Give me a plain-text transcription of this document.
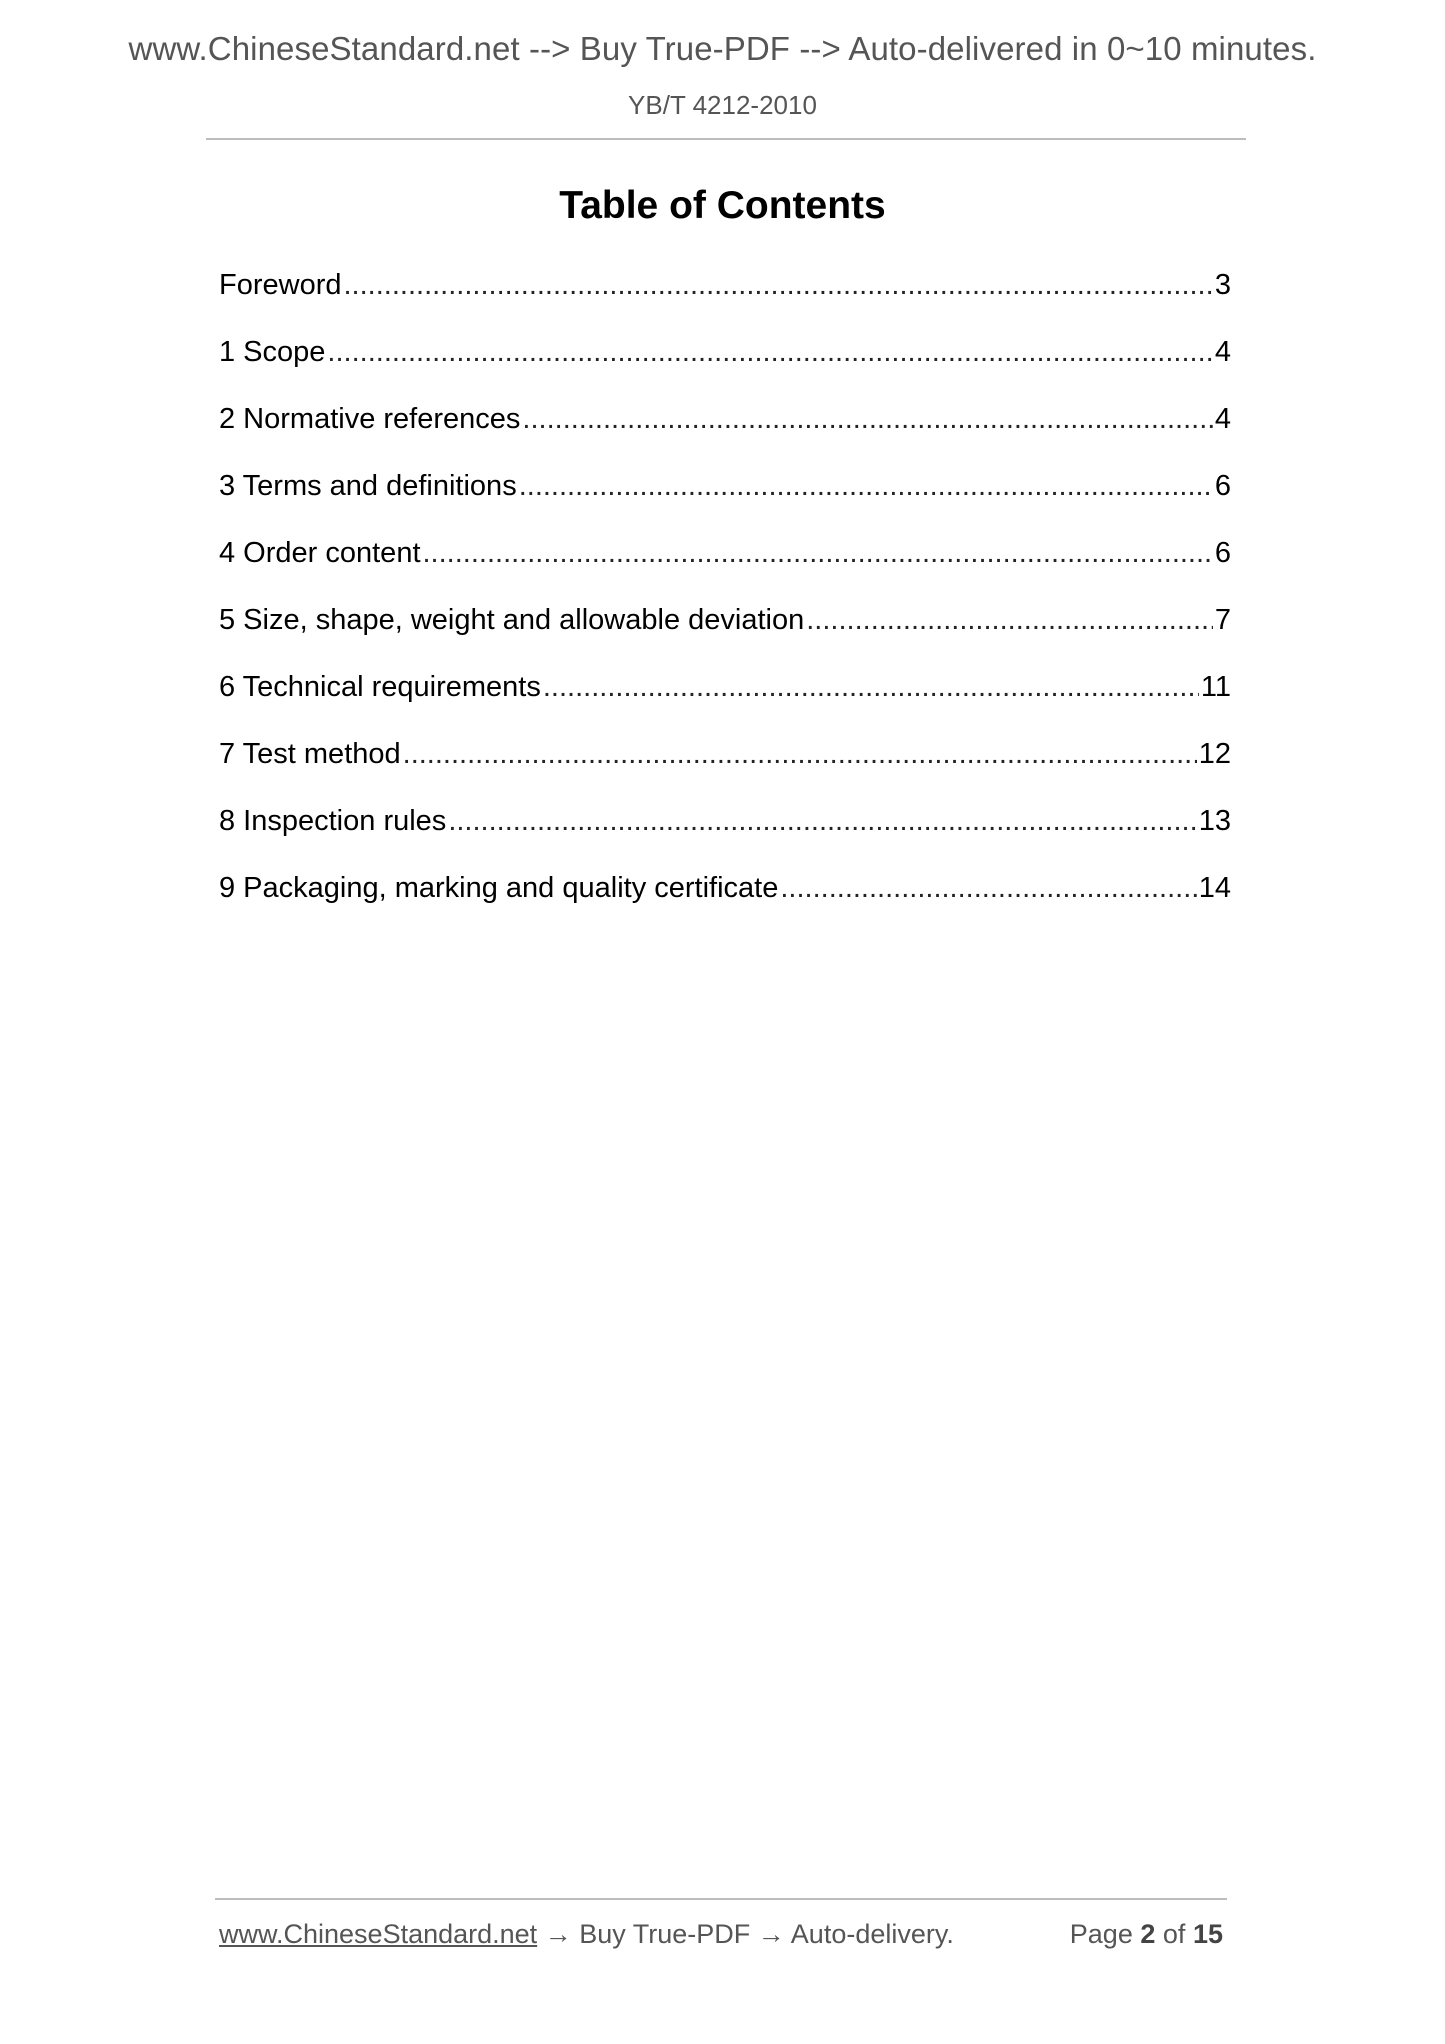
www.ChineseStandard.net --> Buy True-PDF --> Auto-delivered in 0~10 minutes.
YB/T 4212-2010
Table of Contents
Foreword .....	3
1 Scope .....	4
2 Normative references .....	4
3 Terms and definitions .....	6
4 Order content .....	6
5 Size, shape, weight and allowable deviation .....	7
6 Technical requirements .....	11
7 Test method .....	12
8 Inspection rules .....	13
9 Packaging, marking and quality certificate .....	14
www.ChineseStandard.net → Buy True-PDF → Auto-delivery.	Page 2 of 15
